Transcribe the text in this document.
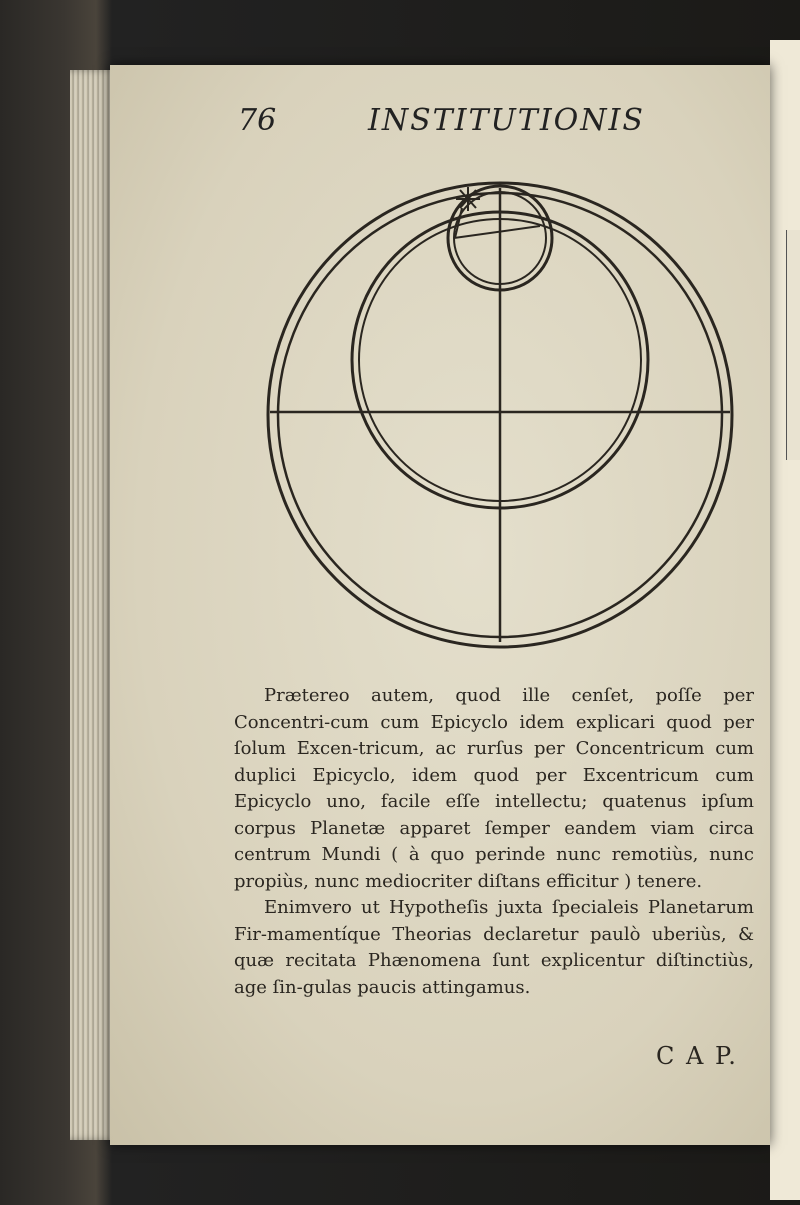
76	INSTITUTIONIS

Prætereo autem, quod ille cenſet, poſſe per Concentri-cum cum Epicyclo idem explicari quod per ſolum Excen-tricum, ac rurſus per Concentricum cum duplici Epicyclo, idem quod per Excentricum cum Epicyclo uno, facile eſſe intellectu; quatenus ipſum corpus Planetæ apparet ſemper eandem viam circa centrum Mundi ( à quo perinde nunc remotiùs, nunc propiùs, nunc mediocriter diſtans efficitur ) tenere.

Enimvero ut Hypotheſis juxta ſpecialeis Planetarum Fir-mamentíque Theorias declaretur paulò uberiùs, & quæ recitata Phænomena ſunt explicentur diſtinctiùs, age ſin-gulas paucis attingamus.

C A P.
